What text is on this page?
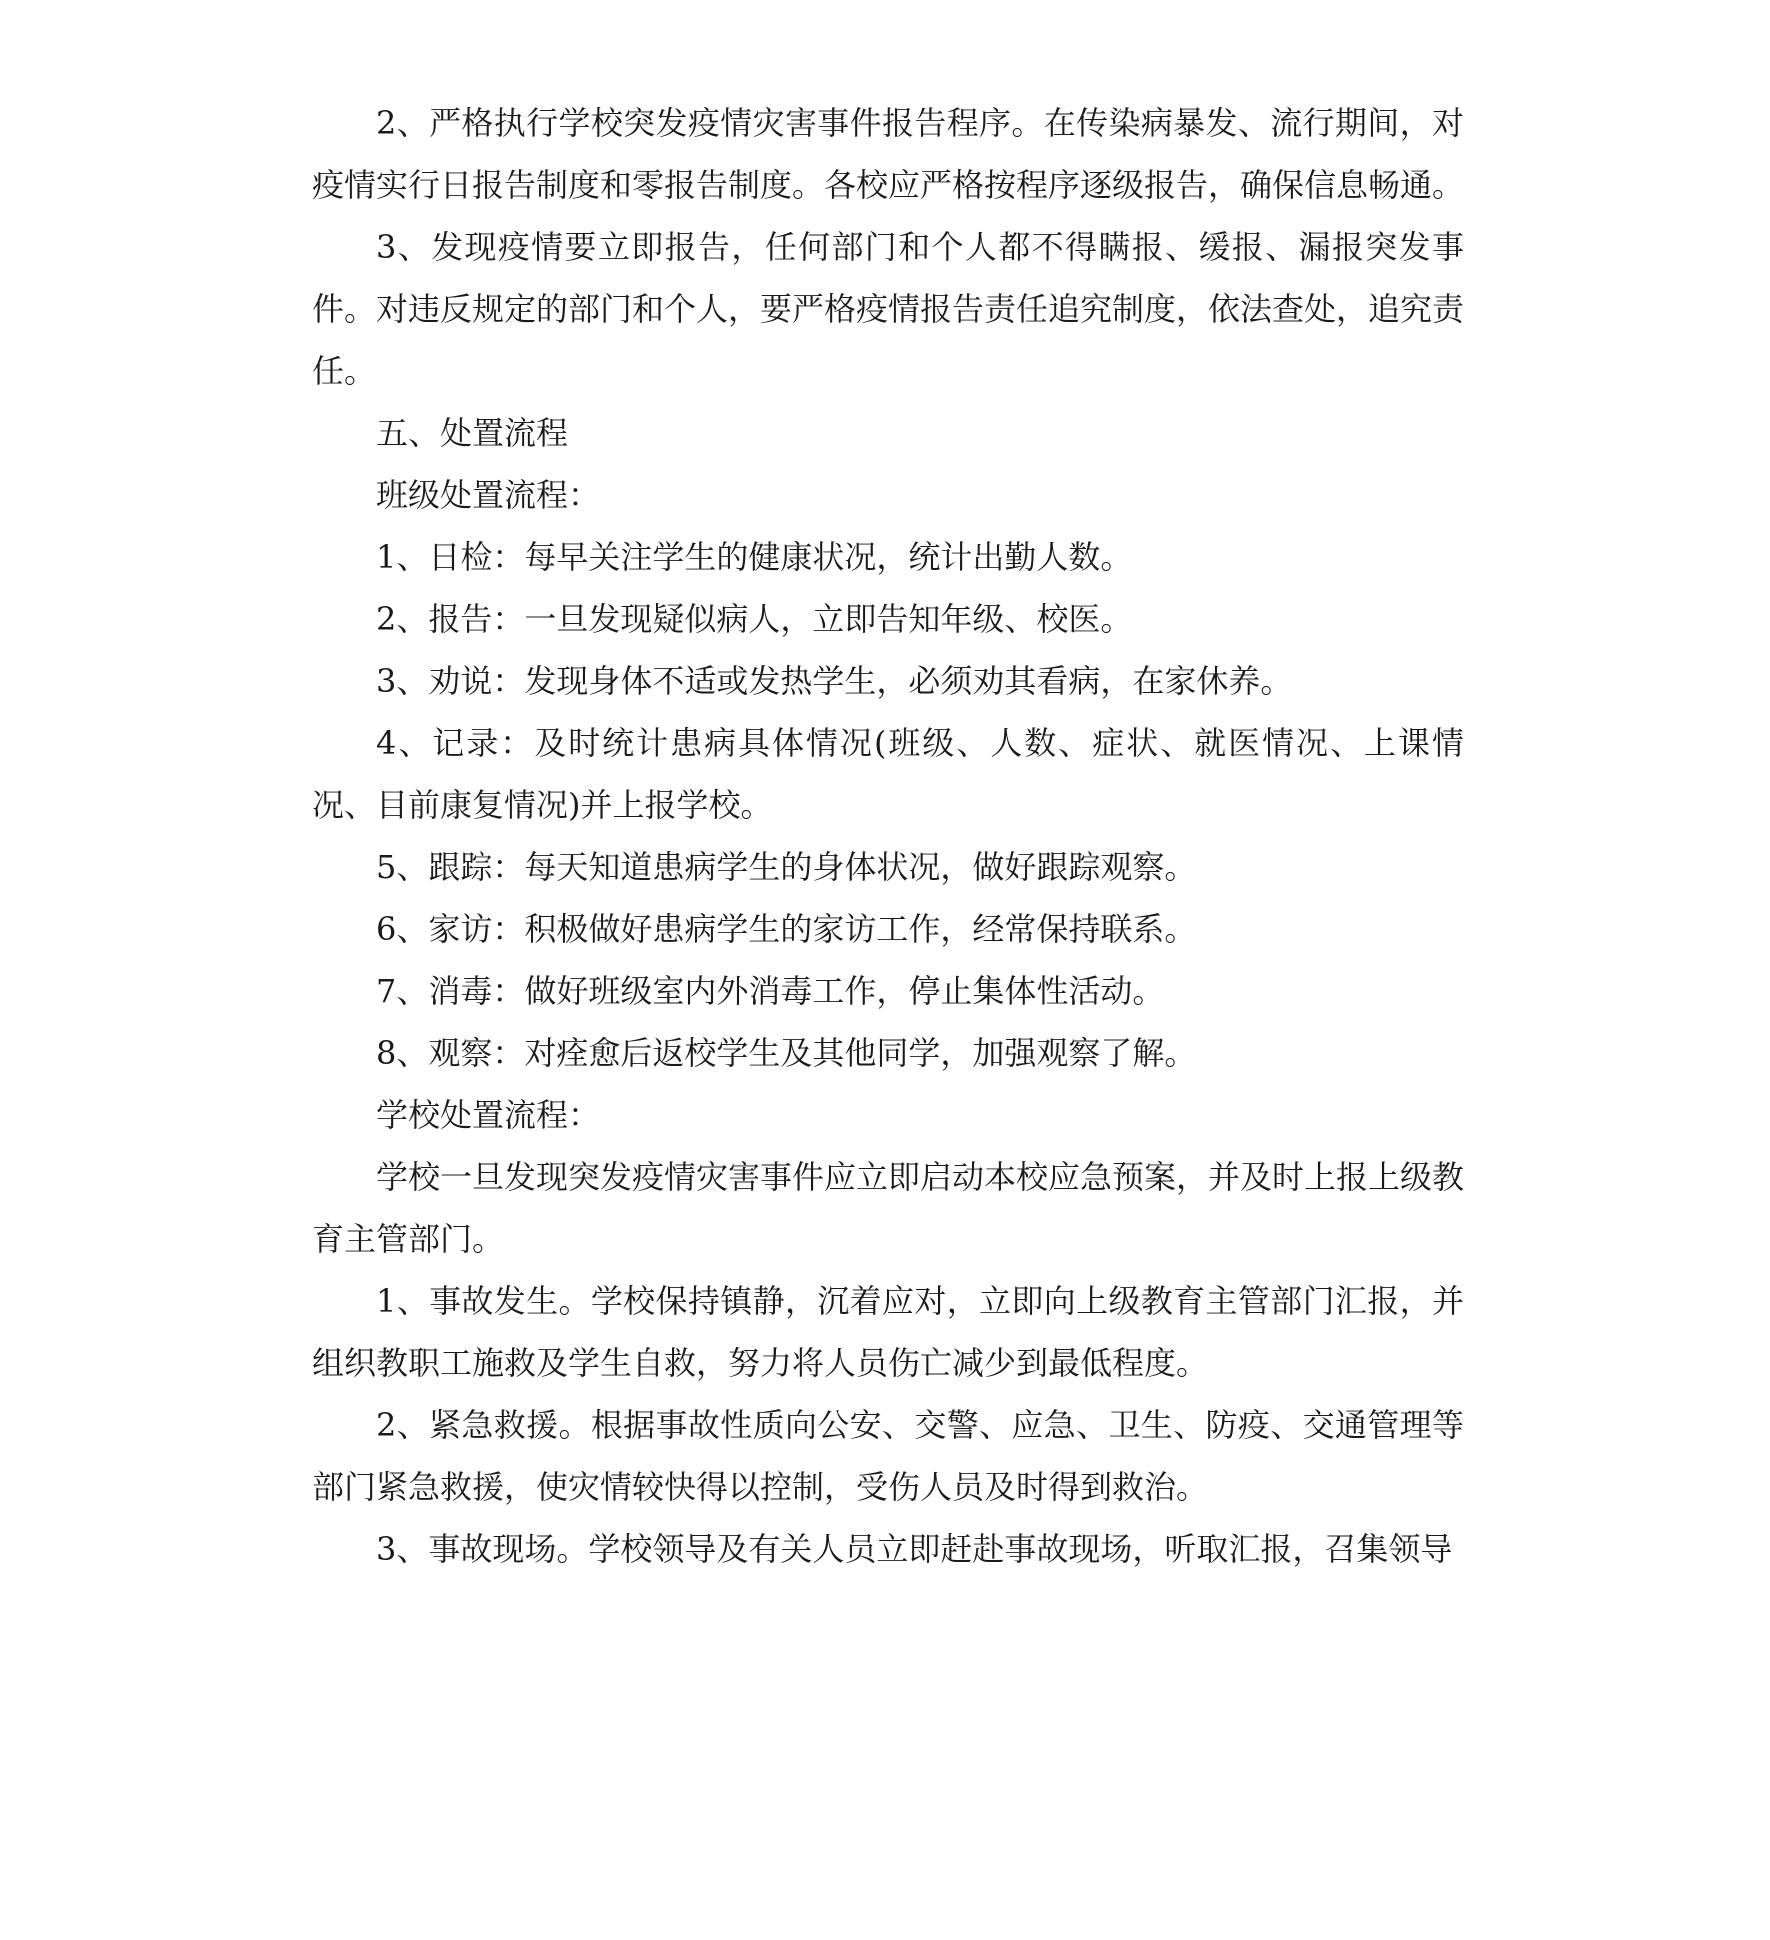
2、严格执行学校突发疫情灾害事件报告程序。在传染病暴发、流行期间，对疫情实行日报告制度和零报告制度。各校应严格按程序逐级报告，确保信息畅通。

3、发现疫情要立即报告，任何部门和个人都不得瞒报、缓报、漏报突发事件。对违反规定的部门和个人，要严格疫情报告责任追究制度，依法查处，追究责任。

五、处置流程

班级处置流程：

1、日检：每早关注学生的健康状况，统计出勤人数。

2、报告：一旦发现疑似病人，立即告知年级、校医。

3、劝说：发现身体不适或发热学生，必须劝其看病，在家休养。

4、记录：及时统计患病具体情况(班级、人数、症状、就医情况、上课情况、目前康复情况)并上报学校。

5、跟踪：每天知道患病学生的身体状况，做好跟踪观察。

6、家访：积极做好患病学生的家访工作，经常保持联系。

7、消毒：做好班级室内外消毒工作，停止集体性活动。

8、观察：对痊愈后返校学生及其他同学，加强观察了解。

学校处置流程：

学校一旦发现突发疫情灾害事件应立即启动本校应急预案，并及时上报上级教育主管部门。

1、事故发生。学校保持镇静，沉着应对，立即向上级教育主管部门汇报，并组织教职工施救及学生自救，努力将人员伤亡减少到最低程度。

2、紧急救援。根据事故性质向公安、交警、应急、卫生、防疫、交通管理等部门紧急救援，使灾情较快得以控制，受伤人员及时得到救治。

3、事故现场。学校领导及有关人员立即赶赴事故现场，听取汇报，召集领导
